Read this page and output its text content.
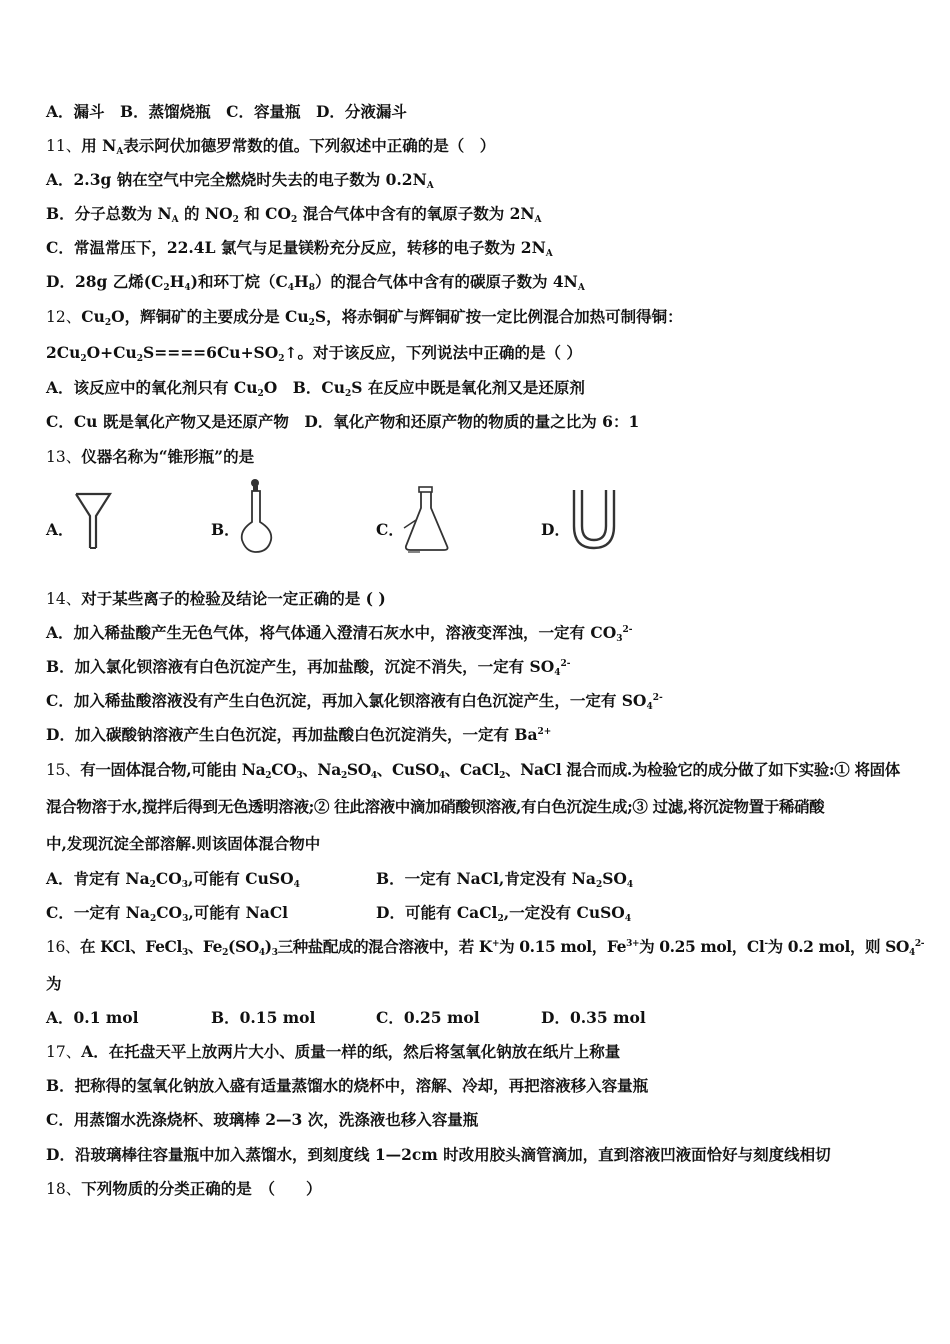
A．漏斗　B．蒸馏烧瓶　C．容量瓶　D．分液漏斗
11、用 $N_A$表示阿伏加德罗常数的值。下列叙述中正确的是（　）
A．2.3g 钠在空气中完全燃烧时失去的电子数为 $0.2N_A$
B．分子总数为 $N_A$ 的 $NO_2$ 和 $CO_2$ 混合气体中含有的氧原子数为 $2N_A$
C．常温常压下，22.4L 氯气与足量镁粉充分反应，转移的电子数为 $2N_A$
D．28g 乙烯$(C_2H_4)$和环丁烷$(C_4H_8)$的混合气体中含有的碳原子数为 $4N_A$
12、$Cu_2O$，辉铜矿的主要成分是 $Cu_2S$，将赤铜矿与辉铜矿按一定比例混合加热可制得铜：
$2Cu_2O+Cu_2S====6Cu+SO_2↑$。对于该反应，下列说法中正确的是（ ）
A．该反应中的氧化剂只有 $Cu_2O$　B．$Cu_2S$ 在反应中既是氧化剂又是还原剂
C．Cu 既是氧化产物又是还原产物　D．氧化产物和还原产物的物质的量之比为 6：1
13、仪器名称为“锥形瓶”的是
A．	B．	C．	D．
14、对于某些离子的检验及结论一定正确的是 ( )
A．加入稀盐酸产生无色气体，将气体通入澄清石灰水中，溶液变浑浊，一定有 $CO_3^{2-}$
B．加入氯化钡溶液有白色沉淀产生，再加盐酸，沉淀不消失，一定有 $SO_4^{2-}$
C．加入稀盐酸溶液没有产生白色沉淀，再加入氯化钡溶液有白色沉淀产生，一定有 $SO_4^{2-}$
D．加入碳酸钠溶液产生白色沉淀，再加盐酸白色沉淀消失，一定有 $Ba^{2+}$
15、有一固体混合物,可能由 $Na_2CO_3$、$Na_2SO_4$、CuSO$_4$、CaCl$_2$、NaCl 混合而成.为检验它的成分做了如下实验:① 将固体
混合物溶于水,搅拌后得到无色透明溶液;② 往此溶液中滴加硝酸钡溶液,有白色沉淀生成;③ 过滤,将沉淀物置于稀硝酸
中,发现沉淀全部溶解.则该固体混合物中
A．肯定有 $Na_2CO_3$,可能有 CuSO$_4$	B．一定有 NaCl,肯定没有 $Na_2SO_4$
C．一定有 $Na_2CO_3$,可能有 NaCl	D．可能有 CaCl$_2$,一定没有 CuSO$_4$
16、在 KCl、FeCl$_3$、$Fe_2(SO_4)_3$三种盐配成的混合溶液中，若 K+为 0.15 mol，$Fe^{3+}$为 0.25 mol，Cl-为 0.2 mol，则 $SO_4^{2-}$
为
A．0.1 mol	B．0.15 mol	C．0.25 mol	D．0.35 mol
17、A．在托盘天平上放两片大小、质量一样的纸，然后将氢氧化钠放在纸片上称量
B．把称得的氢氧化钠放入盛有适量蒸馏水的烧杯中，溶解、冷却，再把溶液移入容量瓶
C．用蒸馏水洗涤烧杯、玻璃棒 2—3 次，洗涤液也移入容量瓶
D．沿玻璃棒往容量瓶中加入蒸馏水，到刻度线 1—2cm 时改用胶头滴管滴加，直到溶液凹液面恰好与刻度线相切
18、下列物质的分类正确的是　（　　）
